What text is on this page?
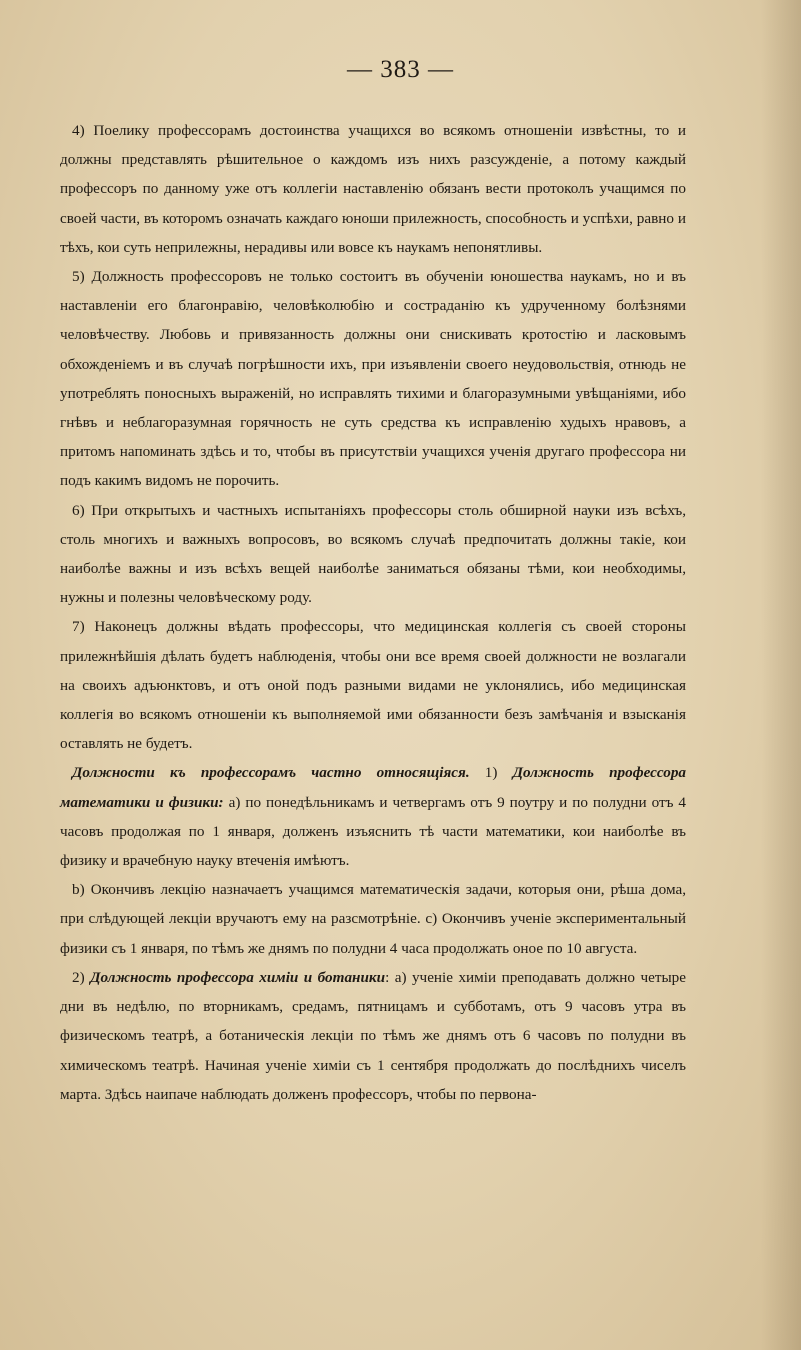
— 383 —

4) Поелику профессорамъ достоинства учащихся во всякомъ отношеніи извѣстны, то и должны представлять рѣшительное о каждомъ изъ нихъ разсужденіе, а потому каждый профессоръ по данному уже отъ коллегіи наставленію обязанъ вести протоколъ учащимся по своей части, въ которомъ означать каждаго юноши прилежность, способность и успѣхи, равно и тѣхъ, кои суть неприлежны, нерадивы или вовсе къ наукамъ непонятливы.

5) Должность профессоровъ не только состоитъ въ обученіи юношества наукамъ, но и въ наставленіи его благонравію, человѣколюбію и состраданію къ удрученному болѣзнями человѣчеству. Любовь и привязанность должны они снискивать кротостію и ласковымъ обхожденіемъ и въ случаѣ погрѣшности ихъ, при изъявленіи своего неудовольствія, отнюдь не употреблять поносныхъ выраженій, но исправлять тихими и благоразумными увѣщаніями, ибо гнѣвъ и неблагоразумная горячность не суть средства къ исправленію худыхъ нравовъ, а притомъ напоминать здѣсь и то, чтобы въ присутствіи учащихся ученія другаго профессора ни подъ какимъ видомъ не порочить.

6) При открытыхъ и частныхъ испытаніяхъ профессоры столь обширной науки изъ всѣхъ, столь многихъ и важныхъ вопросовъ, во всякомъ случаѣ предпочитать должны такіе, кои наиболѣе важны и изъ всѣхъ вещей наиболѣе заниматься обязаны тѣми, кои необходимы, нужны и полезны человѣческому роду.

7) Наконецъ должны вѣдать профессоры, что медицинская коллегія съ своей стороны прилежнѣйшія дѣлать будетъ наблюденія, чтобы они все время своей должности не возлагали на своихъ адъюнктовъ, и отъ оной подъ разными видами не уклонялись, ибо медицинская коллегія во всякомъ отношеніи къ выполняемой ими обязанности безъ замѣчанія и взысканія оставлять не будетъ.

Должности къ профессорамъ частно относящіяся. 1) Должность профессора математики и физики: а) по понедѣльникамъ и четвергамъ отъ 9 поутру и по полудни отъ 4 часовъ продолжая по 1 января, долженъ изъяснить тѣ части математики, кои наиболѣе въ физику и врачебную науку втеченія имѣютъ.

b) Окончивъ лекцію назначаетъ учащимся математическія задачи, которыя они, рѣша дома, при слѣдующей лекціи вручаютъ ему на разсмотрѣніе. с) Окончивъ ученіе экспериментальный физики съ 1 января, по тѣмъ же днямъ по полудни 4 часа продолжать оное по 10 августа.

2) Должность профессора химіи и ботаники: а) ученіе химіи преподавать должно четыре дни въ недѣлю, по вторникамъ, средамъ, пятницамъ и субботамъ, отъ 9 часовъ утра въ физическомъ театрѣ, а ботаническія лекціи по тѣмъ же днямъ отъ 6 часовъ по полудни въ химическомъ театрѣ. Начиная ученіе химіи съ 1 сентября продолжать до послѣднихъ чиселъ марта. Здѣсь наипаче наблюдать долженъ профессоръ, чтобы по первона-
